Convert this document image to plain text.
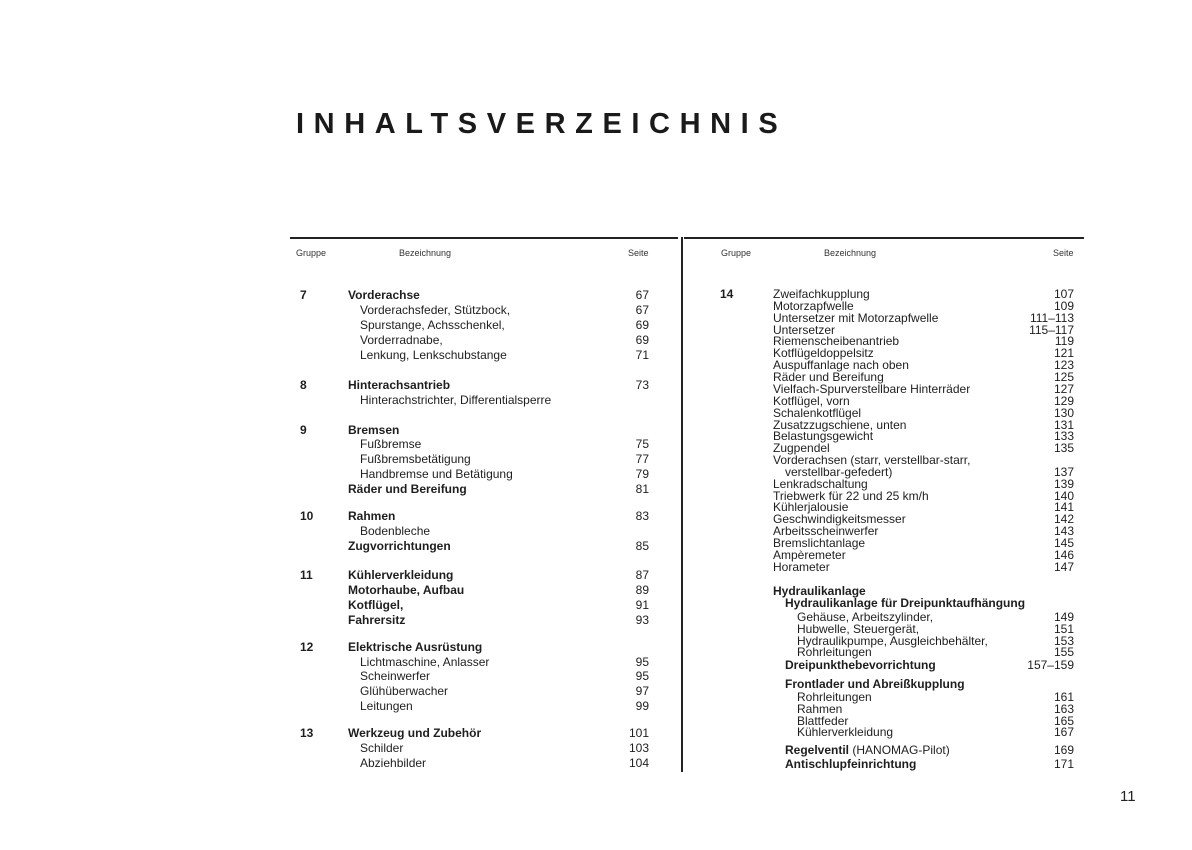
INHALTSVERZEICHNIS
Gruppe	Bezeichnung	Seite	Gruppe	Bezeichnung	Seite
7	Vorderachse	67
Vorderachsfeder, Stützbock,	67
Spurstange, Achsschenkel,	69
Vorderradnabe,	69
Lenkung, Lenkschubstange	71
8	Hinterachsantrieb	73
Hinterachstrichter, Differentialsperre
9	Bremsen
Fußbremse	75
Fußbremsbetätigung	77
Handbremse und Betätigung	79
Räder und Bereifung	81
10	Rahmen	83
Bodenbleche
Zugvorrichtungen	85
11	Kühlerverkleidung	87
Motorhaube, Aufbau	89
Kotflügel,	91
Fahrersitz	93
12	Elektrische Ausrüstung
Lichtmaschine, Anlasser	95
Scheinwerfer	95
Glühüberwacher	97
Leitungen	99
13	Werkzeug und Zubehör	101
Schilder	103
Abziehbilder	104
14	Zweifachkupplung	107
Motorzapfwelle	109
Untersetzer mit Motorzapfwelle	111–113
Untersetzer	115–117
Riemenscheibenantrieb	119
Kotflügeldoppelsitz	121
Auspuffanlage nach oben	123
Räder und Bereifung	125
Vielfach-Spurverstellbare Hinterräder	127
Kotflügel, vorn	129
Schalenkotflügel	130
Zusatzzugschiene, unten	131
Belastungsgewicht	133
Zugpendel	135
Vorderachsen (starr, verstellbar-starr,
verstellbar-gefedert)	137
Lenkradschaltung	139
Triebwerk für 22 und 25 km/h	140
Kühlerjalousie	141
Geschwindigkeitsmesser	142
Arbeitsscheinwerfer	143
Bremslichtanlage	145
Ampèremeter	146
Horameter	147
Hydraulikanlage
Hydraulikanlage für Dreipunktaufhängung
Gehäuse, Arbeitszylinder,	149
Hubwelle, Steuergerät,	151
Hydraulikpumpe, Ausgleichbehälter,	153
Rohrleitungen	155
Dreipunkthebevorrichtung	157–159
Frontlader und Abreißkupplung
Rohrleitungen	161
Rahmen	163
Blattfeder	165
Kühlerverkleidung	167
Regelventil (HANOMAG-Pilot)	169
Antischlupfeinrichtung	171
11
